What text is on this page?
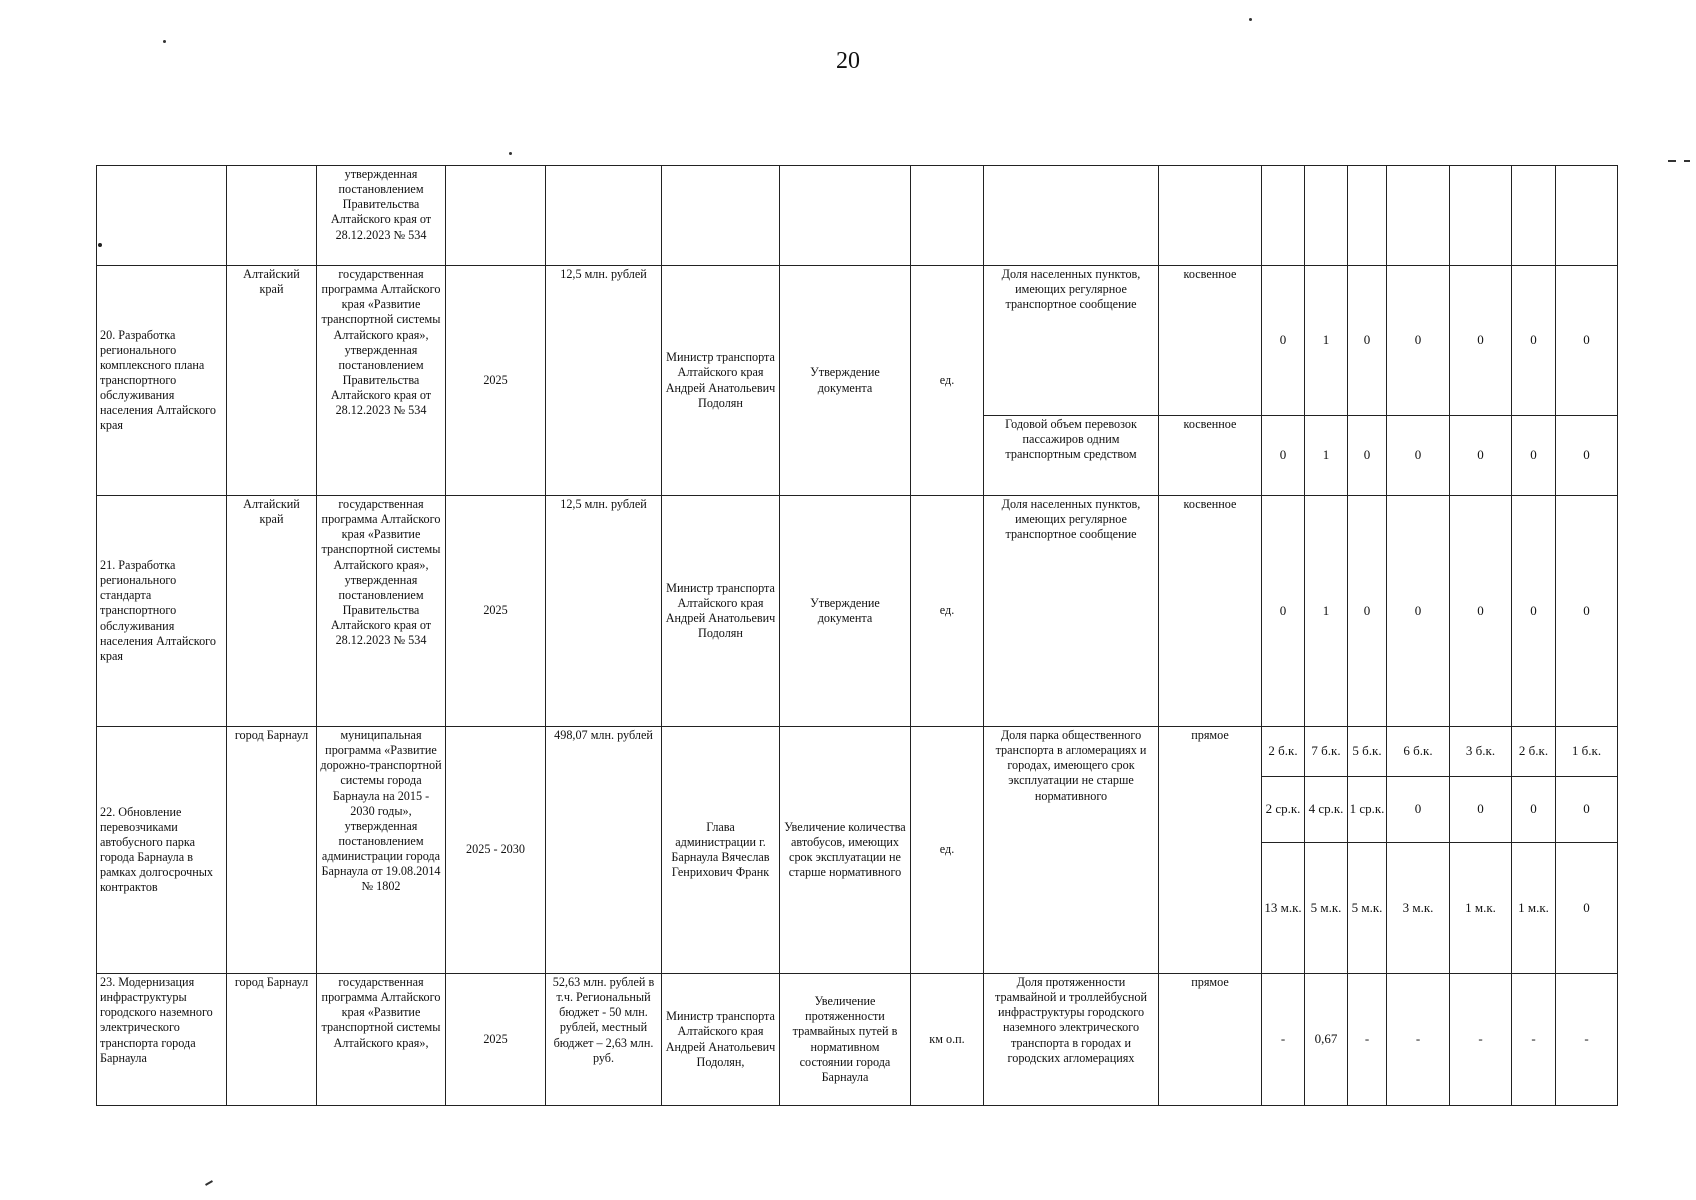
20
		утвержденная постановлением Правительства Алтайского края от 28.12.2023 № 534														
20. Разработка регионального комплексного плана транспортного обслуживания населения Алтайского края	Алтайский край	государственная программа Алтайского края «Развитие транспортной системы Алтайского края», утвержденная постановлением Правительства Алтайского края от 28.12.2023 № 534	2025	12,5 млн. рублей	Министр транспорта Алтайского края Андрей Анатольевич Подолян	Утверждение документа	ед.	Доля населенных пунктов, имеющих регулярное транспортное сообщение	косвенное	0	1	0	0	0	0	0
								Годовой объем перевозок пассажиров одним транспортным средством	косвенное	0	1	0	0	0	0	0
21. Разработка регионального стандарта транспортного обслуживания населения Алтайского края	Алтайский край	государственная программа Алтайского края «Развитие транспортной системы Алтайского края», утвержденная постановлением Правительства Алтайского края от 28.12.2023 № 534	2025	12,5 млн. рублей	Министр транспорта Алтайского края Андрей Анатольевич Подолян	Утверждение документа	ед.	Доля населенных пунктов, имеющих регулярное транспортное сообщение	косвенное	0	1	0	0	0	0	0
22. Обновление перевозчиками автобусного парка города Барнаула в рамках долгосрочных контрактов	город Барнаул	муниципальная программа «Развитие дорожно-транспортной системы города Барнаула на 2015 - 2030 годы», утвержденная постановлением администрации города Барнаула от 19.08.2014 № 1802	2025 - 2030	498,07 млн. рублей	Глава администрации г. Барнаула Вячеслав Генрихович Франк	Увеличение количества автобусов, имеющих срок эксплуатации не старше нормативного	ед.	Доля парка общественного транспорта в агломерациях и городах, имеющего срок эксплуатации не старше нормативного	прямое	2 б.к.	7 б.к.	5 б.к.	6 б.к.	3 б.к.	2 б.к.	1 б.к.
										2 ср.к.	4 ср.к.	1 ср.к.	0	0	0	0
										13 м.к.	5 м.к.	5 м.к.	3 м.к.	1 м.к.	1 м.к.	0
23. Модернизация инфраструктуры городского наземного электрического транспорта города Барнаула	город Барнаул	государственная программа Алтайского края «Развитие транспортной системы Алтайского края»,	2025	52,63 млн. рублей в т.ч. Региональный бюджет - 50 млн. рублей, местный бюджет – 2,63 млн. руб.	Министр транспорта Алтайского края Андрей Анатольевич Подолян,	Увеличение протяженности трамвайных путей в нормативном состоянии города Барнаула	км о.п.	Доля протяженности трамвайной и троллейбусной инфраструктуры городского наземного электрического транспорта в городах и городских агломерациях	прямое	-	0,67	-	-	-	-	-
